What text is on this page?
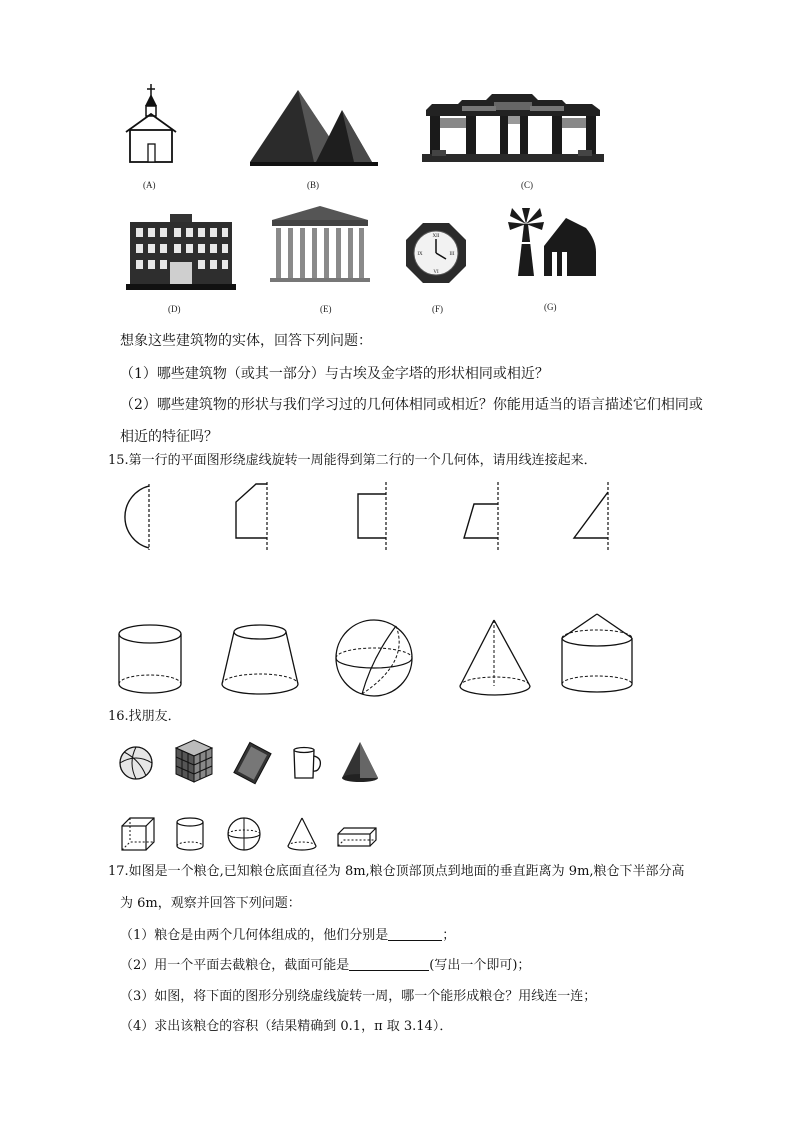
(A)	(B)	(C)
(D)	(E)
XII
III
VI
IX
(F)	(G)
想象这些建筑物的实体，回答下列问题：
（1）哪些建筑物（或其一部分）与古埃及金字塔的形状相同或相近？
（2）哪些建筑物的形状与我们学习过的几何体相同或相近？你能用适当的语言描述它们相同或
相近的特征吗？
15.第一行的平面图形绕虚线旋转一周能得到第二行的一个几何体，请用线连接起来．
16.找朋友．
17.如图是一个粮仓,已知粮仓底面直径为 8m,粮仓顶部顶点到地面的垂直距离为 9m,粮仓下半部分高
为 6m，观察并回答下列问题：
（1）粮仓是由两个几何体组成的，他们分别是	；
（2）用一个平面去截粮仓，截面可能是	(写出一个即可)；
（3）如图，将下面的图形分别绕虚线旋转一周，哪一个能形成粮仓？用线连一连；
（4）求出该粮仓的容积（结果精确到 0.1，π 取 3.14）．
